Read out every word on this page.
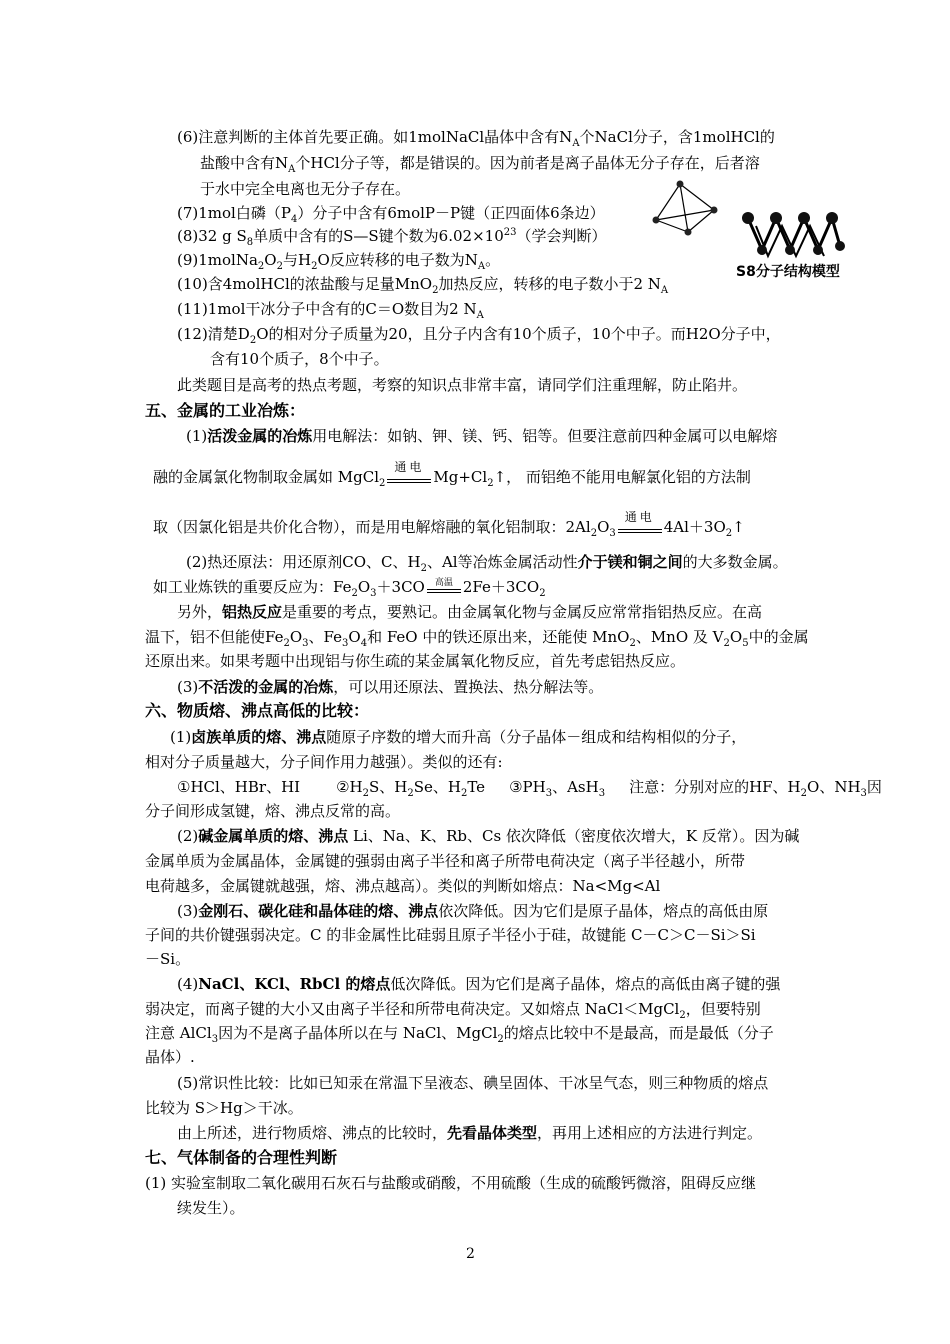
(6)注意判断的主体首先要正确。如1molNaCl晶体中含有$N_A$个NaCl分子，含1molHCl的
盐酸中含有$N_A$个HCl分子等，都是错误的。因为前者是离子晶体无分子存在，后者溶
于水中完全电离也无分子存在。
(7)1mol白磷$(P_4)$分子中含有6molP－P键（正四面体6条边）
(8)32 g $S_8$单质中含有的S—S键个数为$6.02\times 10^{23}$（学会判断）
$(9)1molNa_2O_2$与$H_2O$反应转移的电子数为$N_A$。
(10)含4molHCl的浓盐酸与足量MnO$_2$加热反应，转移的电子数小于2 $N_A$
(11)1mol干冰分子中含有的C＝O数目为2 $N_A$
(12)清楚$D_2O$的相对分子质量为20，且分子内含有10个质子，10个中子。而H2O分子中，
含有10个质子，8个中子。
此类题目是高考的热点考题，考察的知识点非常丰富，请同学们注重理解，防止陷井。
S8分子结构模型
五、金属的工业冶炼：
(1)活泼金属的冶炼用电解法：如钠、钾、镁、钙、铝等。但要注意前四种金属可以电解熔
融的金属氯化物制取金属如 MgCl$_2$
通电
$Mg+Cl_2↑$， 而铝绝不能用电解氯化铝的方法制
取（因氯化铝是共价化合物），而是用电解熔融的氧化铝制取：$2Al_2O_3$
通电
$4Al+3O_2↑$
(2)热还原法：用还原剂CO、C、$H_2$、Al等冶炼金属活动性介于镁和铜之间的大多数金属。
如工业炼铁的重要反应为：$Fe_2O_3+3CO$	高温 $2Fe+3CO_2$
另外，铝热反应是重要的考点，要熟记。由金属氧化物与金属反应常常指铝热反应。在高
温下，铝不但能使$Fe_2O_3$、$Fe_3O_4$和 FeO 中的铁还原出来，还能使 MnO$_2$、MnO 及 $V_2O_5$中的金属
还原出来。如果考题中出现铝与你生疏的某金属氧化物反应，首先考虑铝热反应。
(3)不活泼的金属的冶炼，可以用还原法、置换法、热分解法等。
六、物质熔、沸点高低的比较：
(1)卤族单质的熔、沸点随原子序数的增大而升高（分子晶体－组成和结构相似的分子，
相对分子质量越大，分子间作用力越强）。类似的还有:
①HCl、HBr、HI $②H_2S$、$H_2Se$、$H_2Te$ $③PH_3$、AsH$_3$ 注意：分别对应的HF、$H_2O$、$NH_3$因
分子间形成氢键，熔、沸点反常的高。
(2)碱金属单质的熔、沸点 Li、Na、K、Rb、Cs 依次降低（密度依次增大，K 反常）。因为碱
金属单质为金属晶体，金属键的强弱由离子半径和离子所带电荷决定（离子半径越小，所带
电荷越多，金属键就越强，熔、沸点越高）。类似的判断如熔点：Na<Mg<Al
(3)金刚石、碳化硅和晶体硅的熔、沸点依次降低。因为它们是原子晶体，熔点的高低由原
子间的共价键强弱决定。C 的非金属性比硅弱且原子半径小于硅，故键能 C－C＞C－Si＞Si
－Si。
(4)NaCl、KCl、RbCl 的熔点低次降低。因为它们是离子晶体，熔点的高低由离子键的强
弱决定，而离子键的大小又由离子半径和所带电荷决定。又如熔点 NaCl＜MgCl$_2$，但要特别
注意 AlCl$_3$因为不是离子晶体所以在与 NaCl、MgCl$_2$的熔点比较中不是最高，而是最低（分子
晶体）.
(5)常识性比较：比如已知汞在常温下呈液态、碘呈固体、干冰呈气态，则三种物质的熔点
比较为 S＞Hg＞干冰。
由上所述，进行物质熔、沸点的比较时，先看晶体类型，再用上述相应的方法进行判定。
七、气体制备的合理性判断
(1) 实验室制取二氧化碳用石灰石与盐酸或硝酸，不用硫酸（生成的硫酸钙微溶，阻碍反应继
续发生）。
2
